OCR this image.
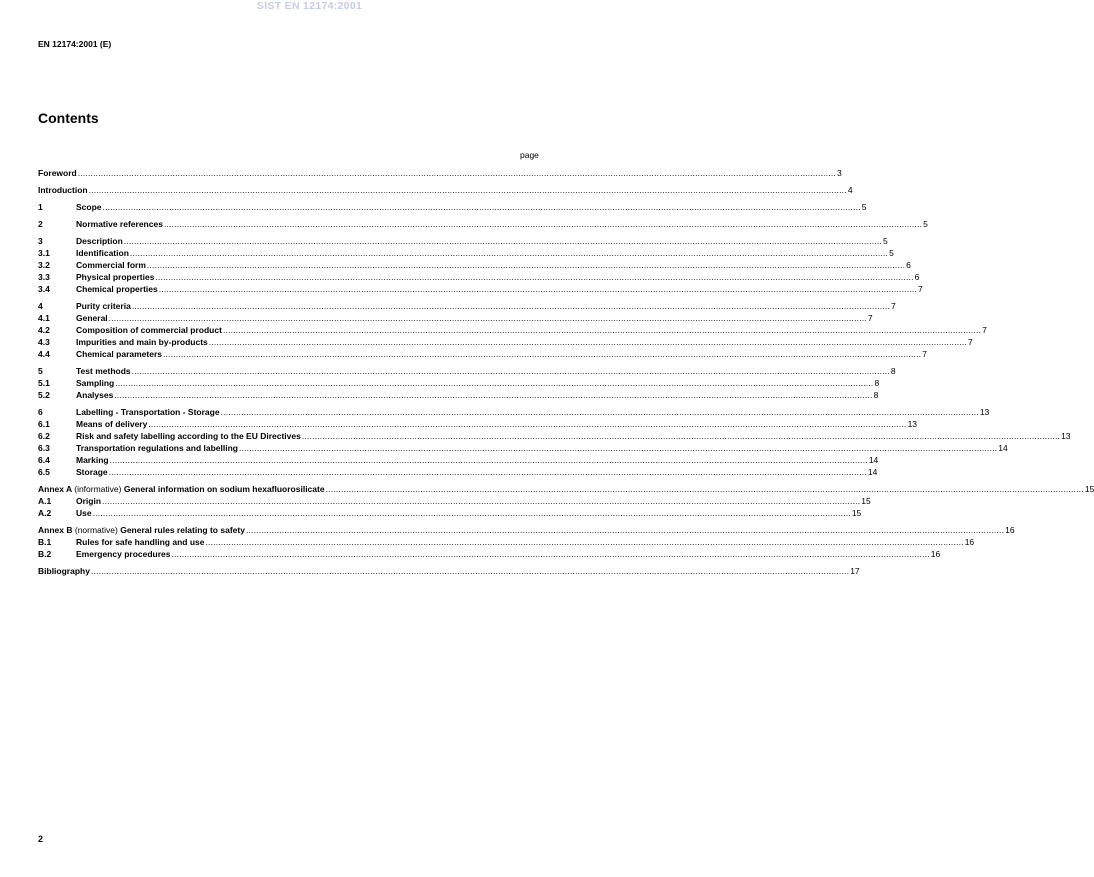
SIST EN 12174:2001
EN 12174:2001 (E)
Contents
page
Foreword ........................................................................................................................................................................................................................................................................................................ 3
Introduction ........................................................................................................................................................................................................................................................................................................ 4
1	Scope ........................................................................................................................................................................................................................................................................................................ 5
2	Normative references ........................................................................................................................................................................................................................................................................................................ 5
3	Description ........................................................................................................................................................................................................................................................................................................ 5
3.1	Identification ........................................................................................................................................................................................................................................................................................................ 5
3.2	Commercial form ........................................................................................................................................................................................................................................................................................................ 6
3.3	Physical properties ........................................................................................................................................................................................................................................................................................................ 6
3.4	Chemical properties ........................................................................................................................................................................................................................................................................................................ 7
4	Purity criteria ........................................................................................................................................................................................................................................................................................................ 7
4.1	General ........................................................................................................................................................................................................................................................................................................ 7
4.2	Composition of commercial product ........................................................................................................................................................................................................................................................................................................ 7
4.3	Impurities and main by-products ........................................................................................................................................................................................................................................................................................................ 7
4.4	Chemical parameters ........................................................................................................................................................................................................................................................................................................ 7
5	Test methods ........................................................................................................................................................................................................................................................................................................ 8
5.1	Sampling ........................................................................................................................................................................................................................................................................................................ 8
5.2	Analyses ........................................................................................................................................................................................................................................................................................................ 8
6	Labelling - Transportation - Storage ........................................................................................................................................................................................................................................................................................................ 13
6.1	Means of delivery ........................................................................................................................................................................................................................................................................................................ 13
6.2	Risk and safety labelling according to the EU Directives ........................................................................................................................................................................................................................................................................................................ 13
6.3	Transportation regulations and labelling ........................................................................................................................................................................................................................................................................................................ 14
6.4	Marking ........................................................................................................................................................................................................................................................................................................ 14
6.5	Storage ........................................................................................................................................................................................................................................................................................................ 14
Annex A (informative) General information on sodium hexafluorosilicate ........................................................................................................................................................................................................................................................................................................ 15
A.1	Origin ........................................................................................................................................................................................................................................................................................................ 15
A.2	Use ........................................................................................................................................................................................................................................................................................................ 15
Annex B (normative) General rules relating to safety ........................................................................................................................................................................................................................................................................................................ 16
B.1	Rules for safe handling and use ........................................................................................................................................................................................................................................................................................................ 16
B.2	Emergency procedures ........................................................................................................................................................................................................................................................................................................ 16
Bibliography ........................................................................................................................................................................................................................................................................................................ 17
2
